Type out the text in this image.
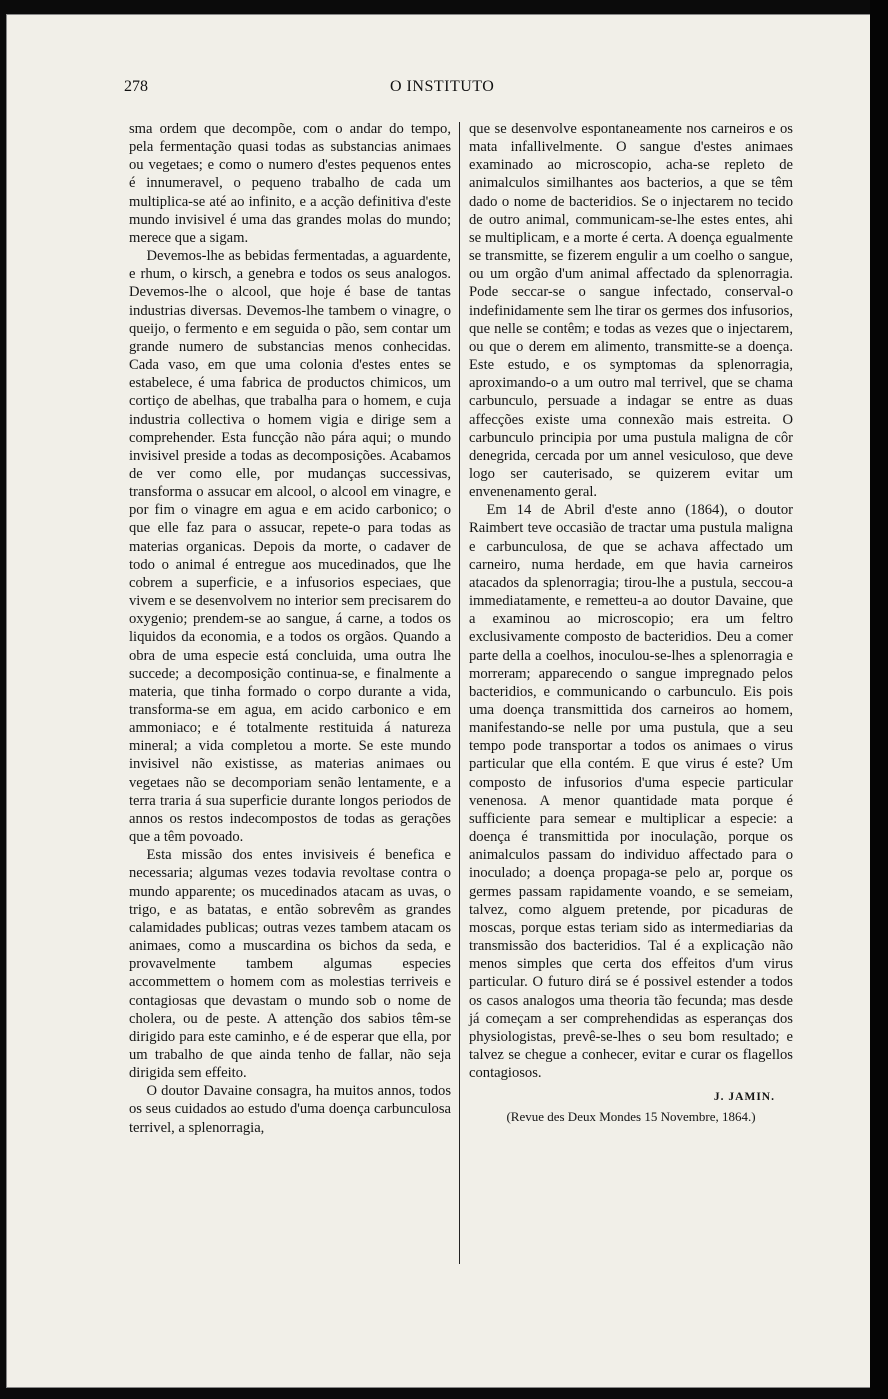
278	O INSTITUTO

sma ordem que decompõe, com o andar do tempo, pela fermentação quasi todas as substancias animaes ou vegetaes; e como o numero d'estes pequenos entes é innumeravel, o pequeno trabalho de cada um multiplica-se até ao infinito, e a acção definitiva d'este mundo invisivel é uma das grandes molas do mundo; merece que a sigam.

Devemos-lhe as bebidas fermentadas, a aguardente, e rhum, o kirsch, a genebra e todos os seus analogos. Devemos-lhe o alcool, que hoje é base de tantas industrias diversas. Devemos-lhe tambem o vinagre, o queijo, o fermento e em seguida o pão, sem contar um grande numero de substancias menos conhecidas. Cada vaso, em que uma colonia d'estes entes se estabelece, é uma fabrica de productos chimicos, um cortiço de abelhas, que trabalha para o homem, e cuja industria collectiva o homem vigia e dirige sem a comprehender. Esta funcção não pára aqui; o mundo invisivel preside a todas as decomposições. Acabamos de ver como elle, por mudanças successivas, transforma o assucar em alcool, o alcool em vinagre, e por fim o vinagre em agua e em acido carbonico; o que elle faz para o assucar, repete-o para todas as materias organicas. Depois da morte, o cadaver de todo o animal é entregue aos mucedinados, que lhe cobrem a superficie, e a infusorios especiaes, que vivem e se desenvolvem no interior sem precisarem do oxygenio; prendem-se ao sangue, á carne, a todos os liquidos da economia, e a todos os orgãos. Quando a obra de uma especie está concluida, uma outra lhe succede; a decomposição continua-se, e finalmente a materia, que tinha formado o corpo durante a vida, transforma-se em agua, em acido carbonico e em ammoniaco; e é totalmente restituida á natureza mineral; a vida completou a morte. Se este mundo invisivel não existisse, as materias animaes ou vegetaes não se decomporiam senão lentamente, e a terra traria á sua superficie durante longos periodos de annos os restos indecompostos de todas as gerações que a têm povoado.

Esta missão dos entes invisiveis é benefica e necessaria; algumas vezes todavia revoltase contra o mundo apparente; os mucedinados atacam as uvas, o trigo, e as batatas, e então sobrevêm as grandes calamidades publicas; outras vezes tambem atacam os animaes, como a muscardina os bichos da seda, e provavelmente tambem algumas especies accommettem o homem com as molestias terriveis e contagiosas que devastam o mundo sob o nome de cholera, ou de peste. A attenção dos sabios têm-se dirigido para este caminho, e é de esperar que ella, por um trabalho de que ainda tenho de fallar, não seja dirigida sem effeito.

O doutor Davaine consagra, ha muitos annos, todos os seus cuidados ao estudo d'uma doença carbunculosa terrivel, a splenorragia,

que se desenvolve espontaneamente nos carneiros e os mata infallivelmente. O sangue d'estes animaes examinado ao microscopio, acha-se repleto de animalculos similhantes aos bacterios, a que se têm dado o nome de bacteridios. Se o injectarem no tecido de outro animal, communicam-se-lhe estes entes, ahi se multiplicam, e a morte é certa. A doença egualmente se transmitte, se fizerem engulir a um coelho o sangue, ou um orgão d'um animal affectado da splenorragia. Pode seccar-se o sangue infectado, conserval-o indefinidamente sem lhe tirar os germes dos infusorios, que nelle se contêm; e todas as vezes que o injectarem, ou que o derem em alimento, transmitte-se a doença. Este estudo, e os symptomas da splenorragia, aproximando-o a um outro mal terrivel, que se chama carbunculo, persuade a indagar se entre as duas affecções existe uma connexão mais estreita. O carbunculo principia por uma pustula maligna de côr denegrida, cercada por um annel vesiculoso, que deve logo ser cauterisado, se quizerem evitar um envenenamento geral.

Em 14 de Abril d'este anno (1864), o doutor Raimbert teve occasião de tractar uma pustula maligna e carbunculosa, de que se achava affectado um carneiro, numa herdade, em que havia carneiros atacados da splenorragia; tirou-lhe a pustula, seccou-a immediatamente, e remetteu-a ao doutor Davaine, que a examinou ao microscopio; era um feltro exclusivamente composto de bacteridios. Deu a comer parte della a coelhos, inoculou-se-lhes a splenorragia e morreram; apparecendo o sangue impregnado pelos bacteridios, e communicando o carbunculo. Eis pois uma doença transmittida dos carneiros ao homem, manifestando-se nelle por uma pustula, que a seu tempo pode transportar a todos os animaes o virus particular que ella contém. E que virus é este? Um composto de infusorios d'uma especie particular venenosa. A menor quantidade mata porque é sufficiente para semear e multiplicar a especie: a doença é transmittida por inoculação, porque os animalculos passam do individuo affectado para o inoculado; a doença propaga-se pelo ar, porque os germes passam rapidamente voando, e se semeiam, talvez, como alguem pretende, por picaduras de moscas, porque estas teriam sido as intermediarias da transmissão dos bacteridios. Tal é a explicação não menos simples que certa dos effeitos d'um virus particular. O futuro dirá se é possivel estender a todos os casos analogos uma theoria tão fecunda; mas desde já começam a ser comprehendidas as esperanças dos physiologistas, prevê-se-lhes o seu bom resultado; e talvez se chegue a conhecer, evitar e curar os flagellos contagiosos.

J. JAMIN.
(Revue des Deux Mondes 15 Novembre, 1864.)
